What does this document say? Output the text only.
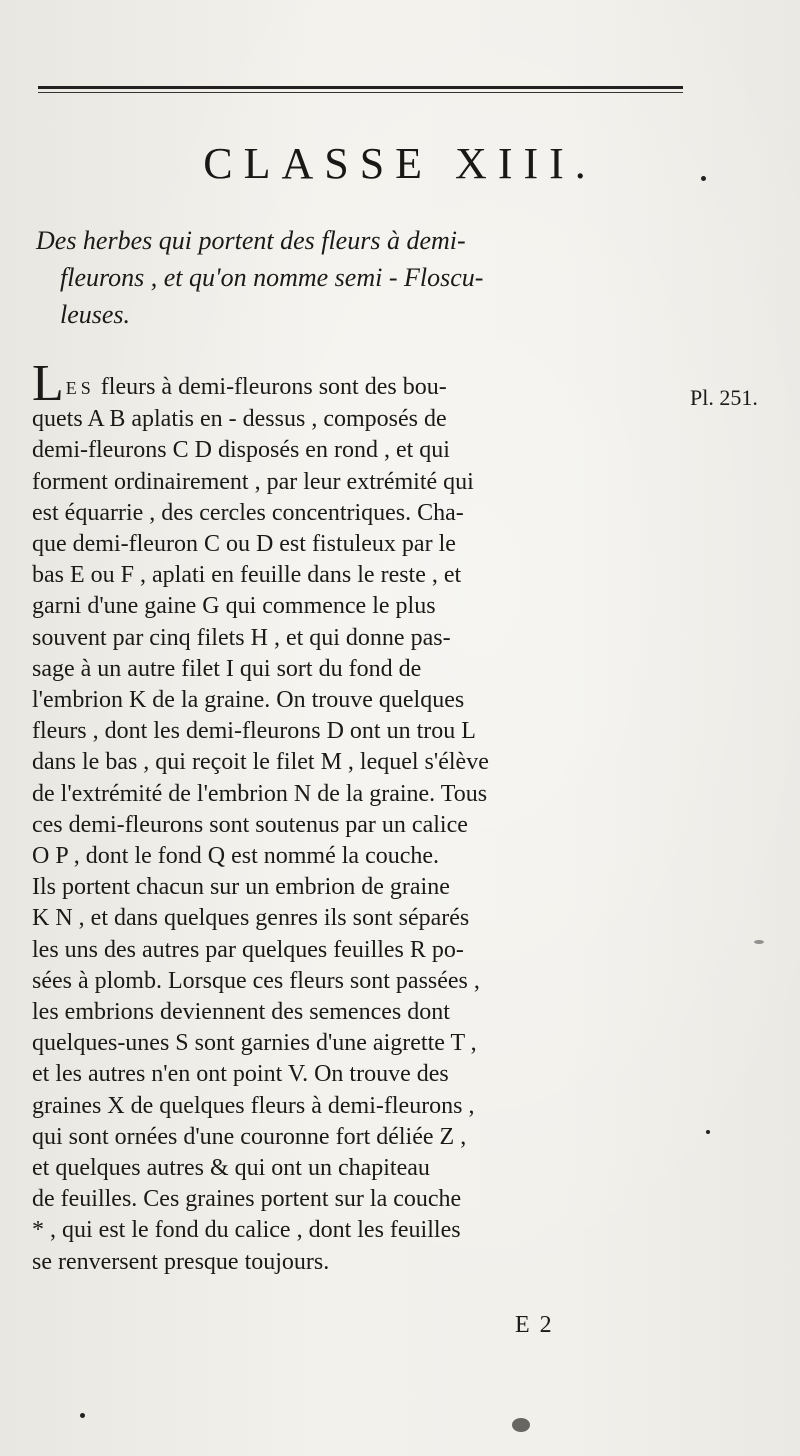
CLASSE XIII.
Des herbes qui portent des fleurs à demi-
fleurons , et qu'on nomme semi - Floscu-
leuses.
Pl. 251.
LES fleurs à demi-fleurons sont des bou-
quets A B aplatis en - dessus , composés de
demi-fleurons C D disposés en rond , et qui
forment ordinairement , par leur extrémité qui
est équarrie , des cercles concentriques. Cha-
que demi-fleuron C ou D est fistuleux par le
bas E ou F , aplati en feuille dans le reste , et
garni d'une gaine G qui commence le plus
souvent par cinq filets H , et qui donne pas-
sage à un autre filet I qui sort du fond de
l'embrion K de la graine. On trouve quelques
fleurs , dont les demi-fleurons D ont un trou L
dans le bas , qui reçoit le filet M , lequel s'élève
de l'extrémité de l'embrion N de la graine. Tous
ces demi-fleurons sont soutenus par un calice
O P , dont le fond Q est nommé la couche.
Ils portent chacun sur un embrion de graine
K N , et dans quelques genres ils sont séparés
les uns des autres par quelques feuilles R po-
sées à plomb. Lorsque ces fleurs sont passées ,
les embrions deviennent des semences dont
quelques-unes S sont garnies d'une aigrette T ,
et les autres n'en ont point V. On trouve des
graines X de quelques fleurs à demi-fleurons ,
qui sont ornées d'une couronne fort déliée Z ,
et quelques autres & qui ont un chapiteau
de feuilles. Ces graines portent sur la couche
* , qui est le fond du calice , dont les feuilles
se renversent presque toujours.
E 2
